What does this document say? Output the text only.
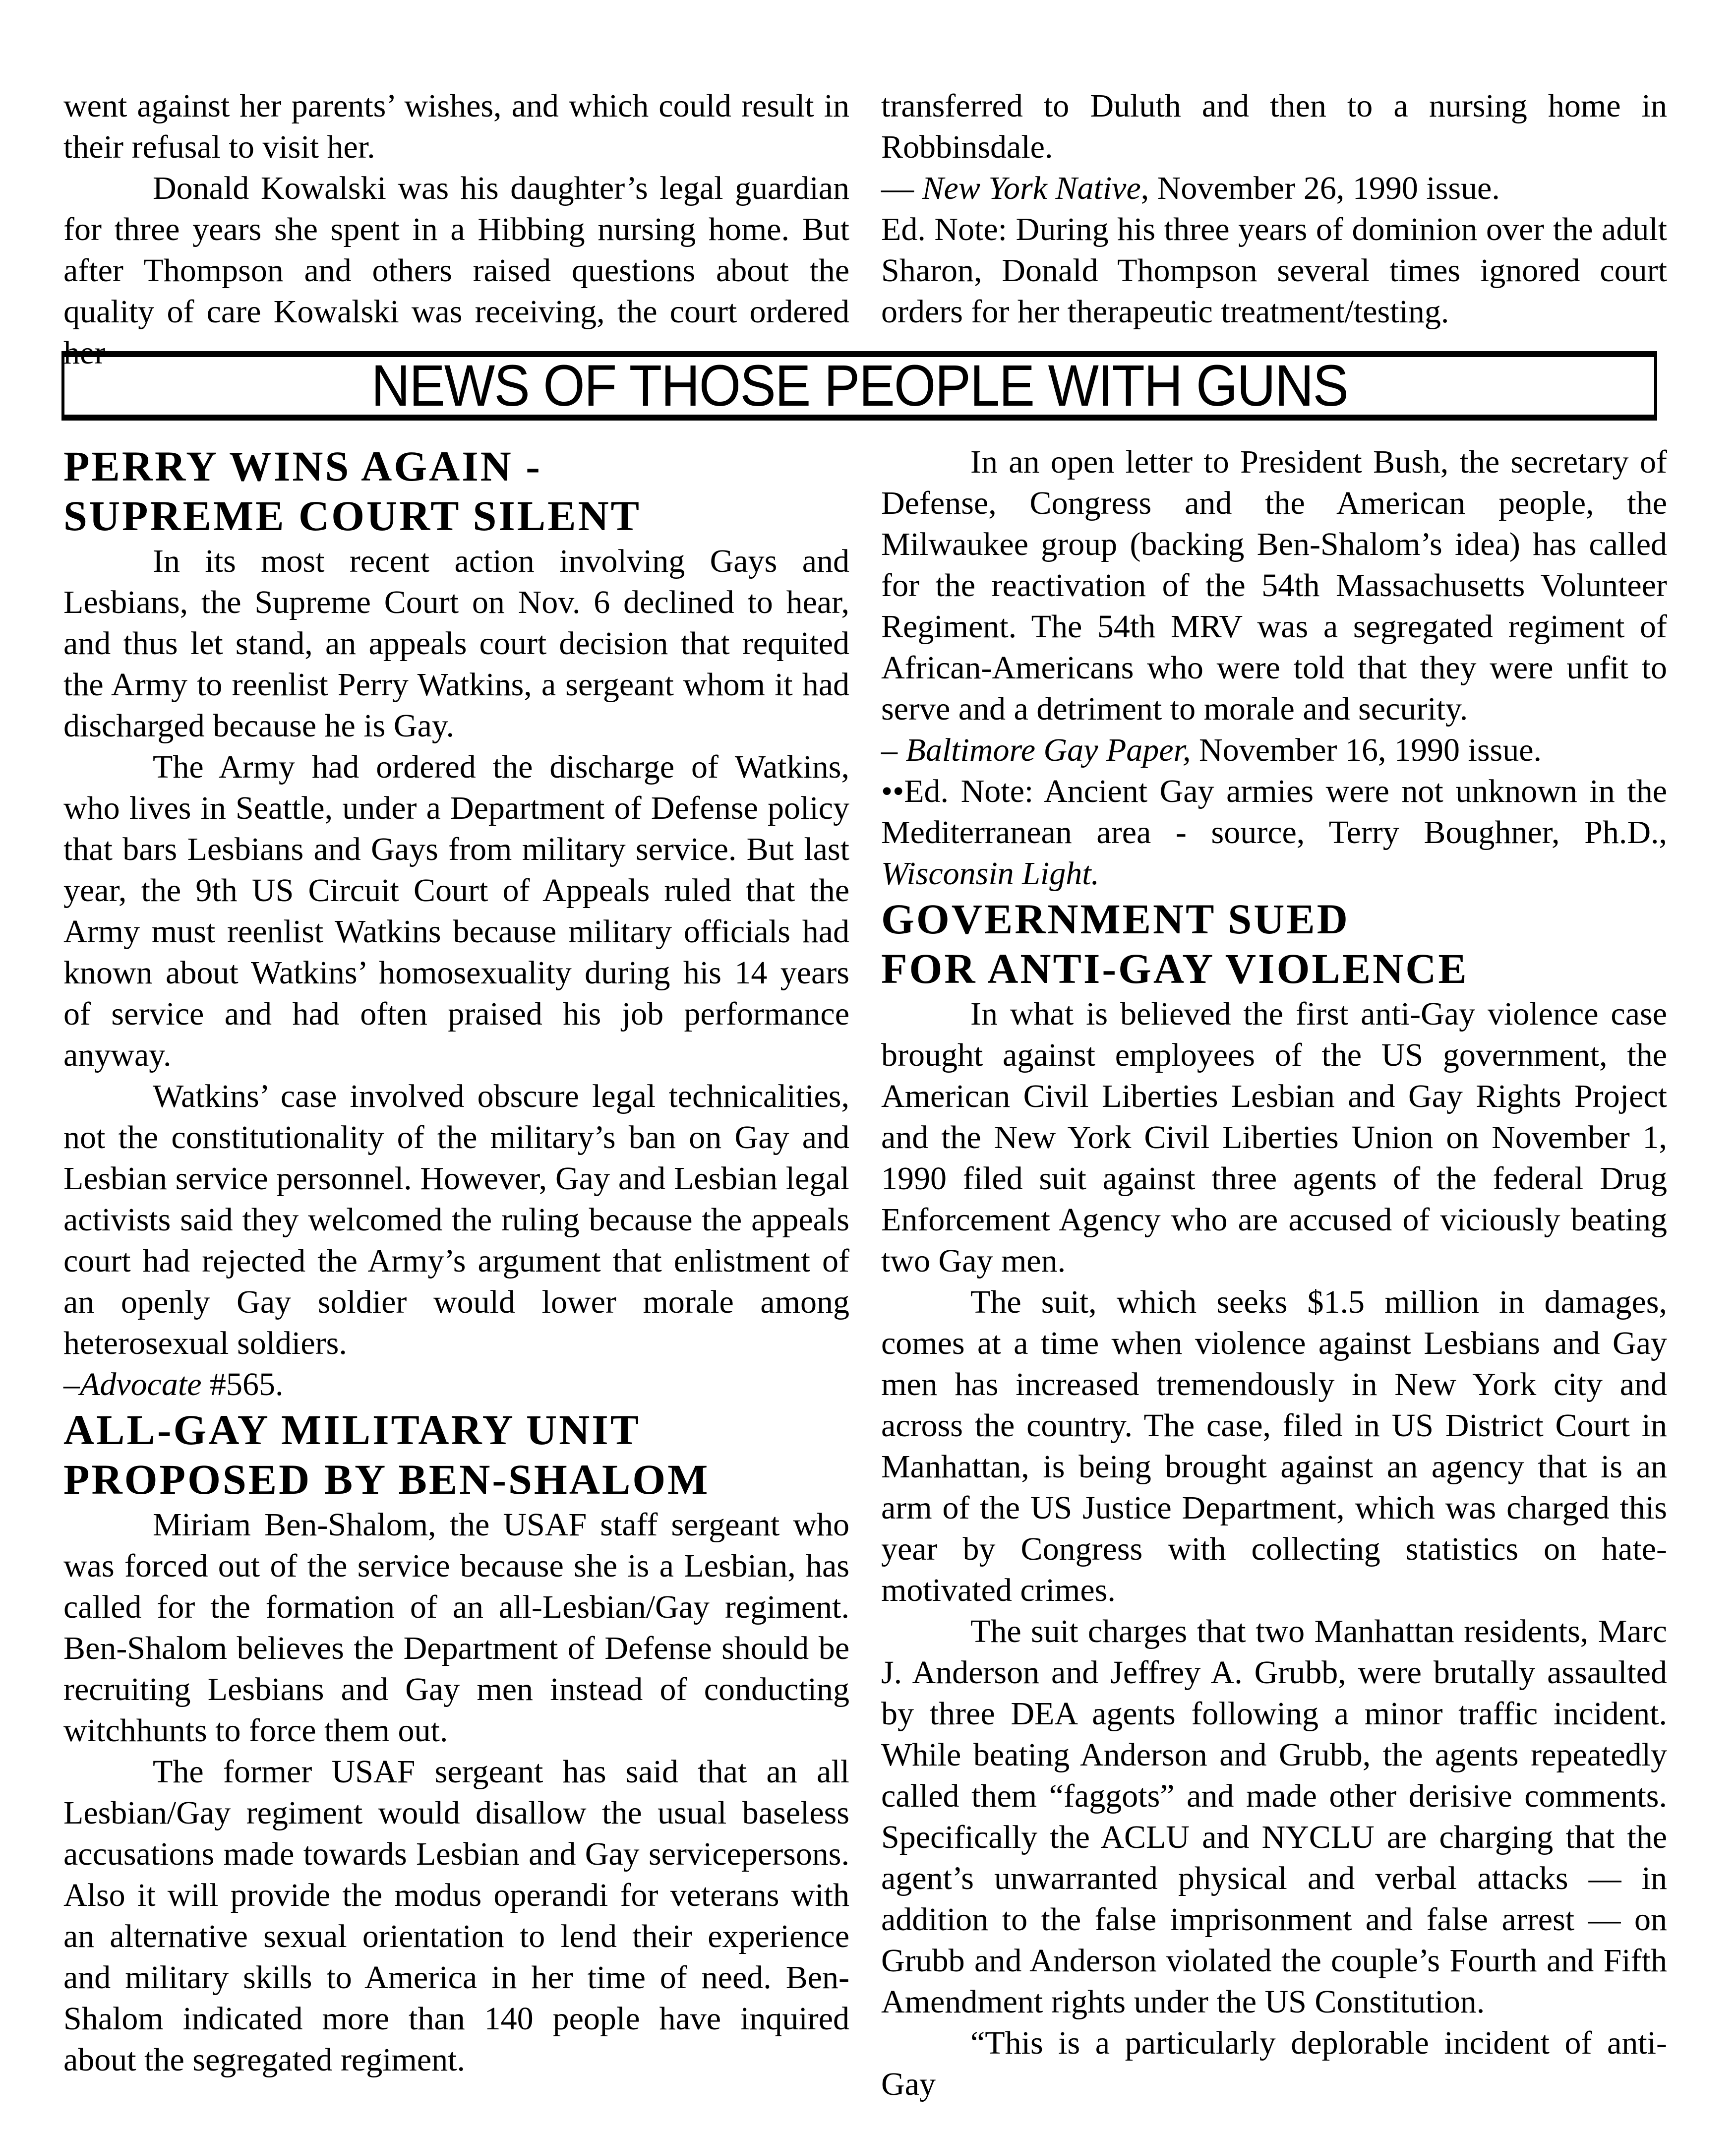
went against her parents’ wishes, and which could result in their refusal to visit her.

Donald Kowalski was his daughter’s legal guardian for three years she spent in a Hibbing nursing home. But after Thompson and others raised questions about the quality of care Kowalski was receiving, the court ordered her

transferred to Duluth and then to a nursing home in Robbinsdale.

— New York Native, November 26, 1990 issue.

Ed. Note: During his three years of dominion over the adult Sharon, Donald Thompson several times ignored court orders for her therapeutic treatment/testing.

NEWS OF THOSE PEOPLE WITH GUNS
PERRY WINS AGAIN -
SUPREME COURT SILENT

In its most recent action involving Gays and Lesbians, the Supreme Court on Nov. 6 declined to hear, and thus let stand, an appeals court decision that requited the Army to reenlist Perry Watkins, a sergeant whom it had discharged because he is Gay.

The Army had ordered the discharge of Watkins, who lives in Seattle, under a Department of Defense policy that bars Lesbians and Gays from military service. But last year, the 9th US Circuit Court of Appeals ruled that the Army must reenlist Watkins because military officials had known about Watkins’ homosexuality during his 14 years of service and had often praised his job performance anyway.

Watkins’ case involved obscure legal technicalities, not the constitutionality of the military’s ban on Gay and Lesbian service personnel. However, Gay and Lesbian legal activists said they welcomed the ruling because the appeals court had rejected the Army’s argument that enlistment of an openly Gay soldier would lower morale among heterosexual soldiers.

–Advocate #565.

ALL-GAY MILITARY UNIT
PROPOSED BY BEN-SHALOM

Miriam Ben-Shalom, the USAF staff sergeant who was forced out of the service because she is a Lesbian, has called for the formation of an all-Lesbian/Gay regiment. Ben-Shalom believes the Department of Defense should be recruiting Lesbians and Gay men instead of conducting witchhunts to force them out.

The former USAF sergeant has said that an all Lesbian/Gay regiment would disallow the usual baseless accusations made towards Lesbian and Gay servicepersons. Also it will provide the modus operandi for veterans with an alternative sexual orientation to lend their experience and military skills to America in her time of need. Ben-Shalom indicated more than 140 people have inquired about the segregated regiment.

In an open letter to President Bush, the secretary of Defense, Congress and the American people, the Milwaukee group (backing Ben-Shalom’s idea) has called for the reactivation of the 54th Massachusetts Volunteer Regiment. The 54th MRV was a segregated regiment of African-Americans who were told that they were unfit to serve and a detriment to morale and security.

– Baltimore Gay Paper, November 16, 1990 issue.

••Ed. Note: Ancient Gay armies were not unknown in the Mediterranean area - source, Terry Boughner, Ph.D., Wisconsin Light.

GOVERNMENT SUED
FOR ANTI-GAY VIOLENCE

In what is believed the first anti-Gay violence case brought against employees of the US government, the American Civil Liberties Lesbian and Gay Rights Project and the New York Civil Liberties Union on November 1, 1990 filed suit against three agents of the federal Drug Enforcement Agency who are accused of viciously beating two Gay men.

The suit, which seeks $1.5 million in damages, comes at a time when violence against Lesbians and Gay men has increased tremendously in New York city and across the country. The case, filed in US District Court in Manhattan, is being brought against an agency that is an arm of the US Justice Department, which was charged this year by Congress with collecting statistics on hate-motivated crimes.

The suit charges that two Manhattan residents, Marc J. Anderson and Jeffrey A. Grubb, were brutally assaulted by three DEA agents following a minor traffic incident. While beating Anderson and Grubb, the agents repeatedly called them “faggots” and made other derisive comments. Specifically the ACLU and NYCLU are charging that the agent’s unwarranted physical and verbal attacks — in addition to the false imprisonment and false arrest — on Grubb and Anderson violated the couple’s Fourth and Fifth Amendment rights under the US Constitution.

“This is a particularly deplorable incident of anti-Gay
